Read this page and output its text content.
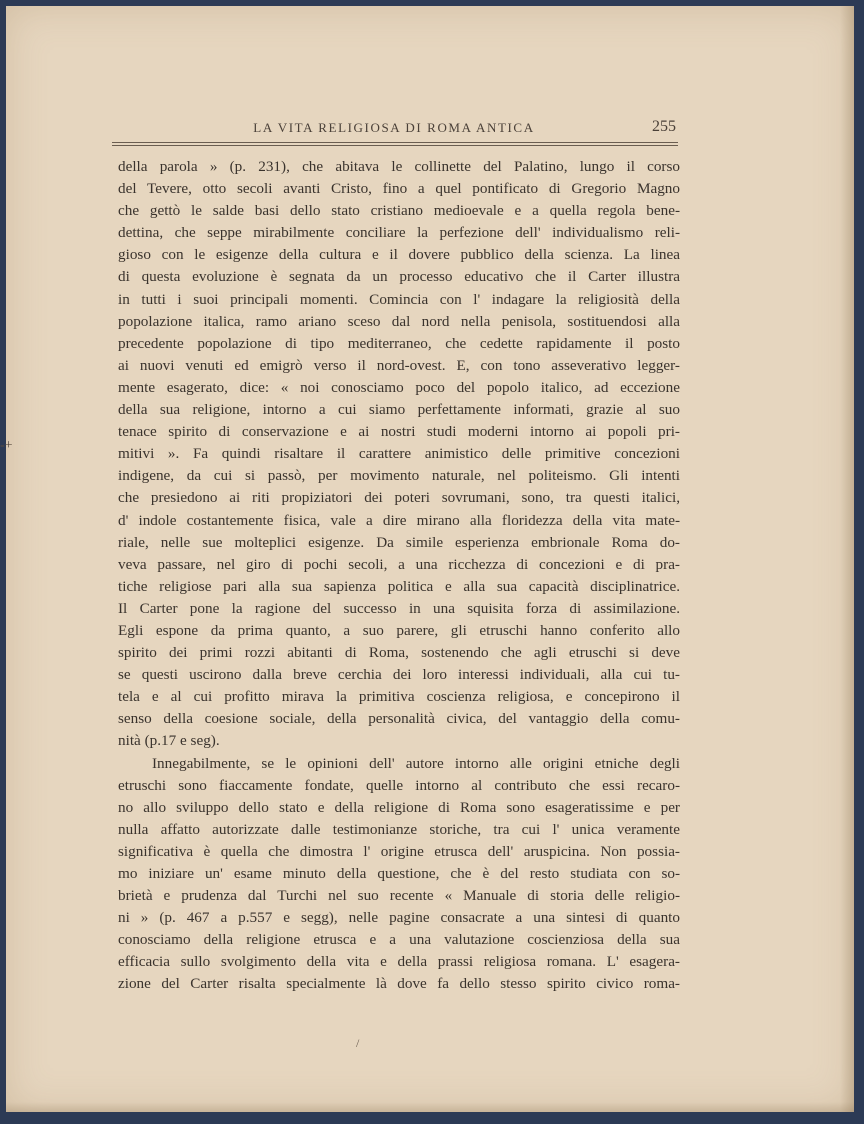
-+
LA VITA RELIGIOSA DI ROMA ANTICA	255
della parola » (p. 231), che abitava le collinette del Palatino, lungo il corso
del Tevere, otto secoli avanti Cristo, fino a quel pontificato di Gregorio Magno
che gettò le salde basi dello stato cristiano medioevale e a quella regola bene-
dettina, che seppe mirabilmente conciliare la perfezione dell' individualismo reli-
gioso con le esigenze della cultura e il dovere pubblico della scienza. La linea
di questa evoluzione è segnata da un processo educativo che il Carter illustra
in tutti i suoi principali momenti. Comincia con l' indagare la religiosità della
popolazione italica, ramo ariano sceso dal nord nella penisola, sostituendosi alla
precedente popolazione di tipo mediterraneo, che cedette rapidamente il posto
ai nuovi venuti ed emigrò verso il nord-ovest. E, con tono asseverativo legger-
mente esagerato, dice: « noi conosciamo poco del popolo italico, ad eccezione
della sua religione, intorno a cui siamo perfettamente informati, grazie al suo
tenace spirito di conservazione e ai nostri studi moderni intorno ai popoli pri-
mitivi ». Fa quindi risaltare il carattere animistico delle primitive concezioni
indigene, da cui si passò, per movimento naturale, nel politeismo. Gli intenti
che presiedono ai riti propiziatori dei poteri sovrumani, sono, tra questi italici,
d' indole costantemente fisica, vale a dire mirano alla floridezza della vita mate-
riale, nelle sue molteplici esigenze. Da simile esperienza embrionale Roma do-
veva passare, nel giro di pochi secoli, a una ricchezza di concezioni e di pra-
tiche religiose pari alla sua sapienza politica e alla sua capacità disciplinatrice.
Il Carter pone la ragione del successo in una squisita forza di assimilazione.
Egli espone da prima quanto, a suo parere, gli etruschi hanno conferito allo
spirito dei primi rozzi abitanti di Roma, sostenendo che agli etruschi si deve
se questi uscirono dalla breve cerchia dei loro interessi individuali, alla cui tu-
tela e al cui profitto mirava la primitiva coscienza religiosa, e concepirono il
senso della coesione sociale, della personalità civica, del vantaggio della comu-
nità (p.17 e seg).
Innegabilmente, se le opinioni dell' autore intorno alle origini etniche degli
etruschi sono fiaccamente fondate, quelle intorno al contributo che essi recaro-
no allo sviluppo dello stato e della religione di Roma sono esageratissime e per
nulla affatto autorizzate dalle testimonianze storiche, tra cui l' unica veramente
significativa è quella che dimostra l' origine etrusca dell' aruspicina. Non possia-
mo iniziare un' esame minuto della questione, che è del resto studiata con so-
brietà e prudenza dal Turchi nel suo recente « Manuale di storia delle religio-
ni » (p. 467 a p.557 e segg), nelle pagine consacrate a una sintesi di quanto
conosciamo della religione etrusca e a una valutazione coscienziosa della sua
efficacia sullo svolgimento della vita e della prassi religiosa romana. L' esagera-
zione del Carter risalta specialmente là dove fa dello stesso spirito civico roma-
/
